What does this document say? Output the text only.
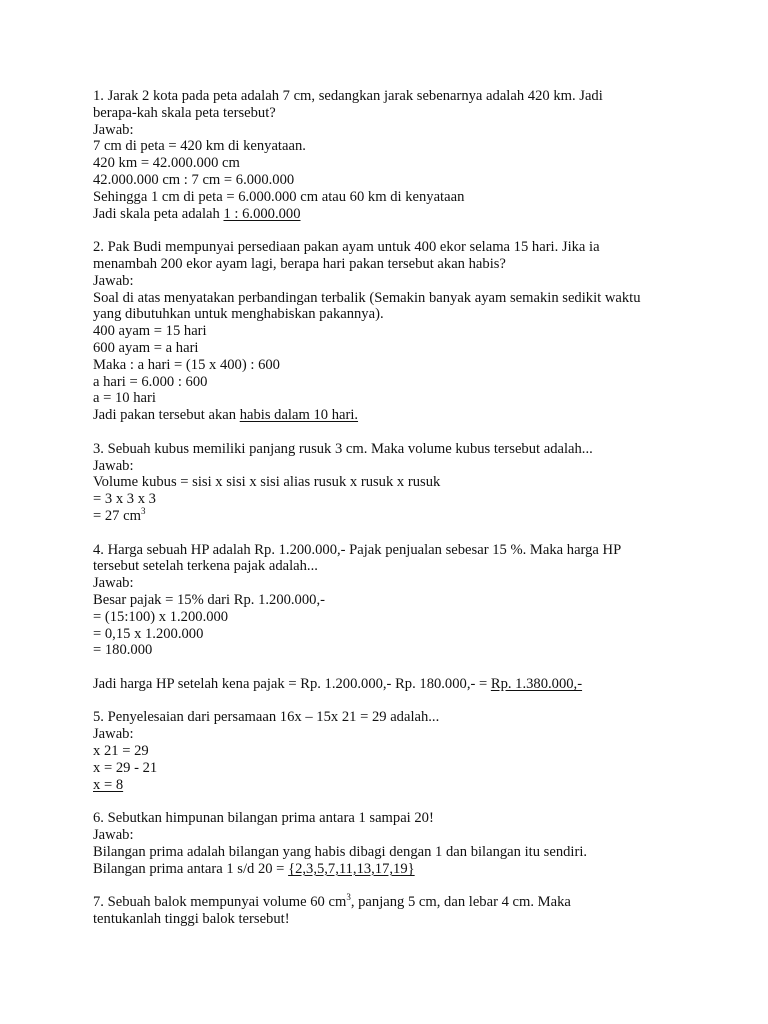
1. Jarak 2 kota pada peta adalah 7 cm, sedangkan jarak sebenarnya adalah 420 km. Jadi
berapa-kah skala peta tersebut?
Jawab:
7 cm di peta = 420 km di kenyataan.
420 km = 42.000.000 cm
42.000.000 cm : 7 cm = 6.000.000
Sehingga 1 cm di peta = 6.000.000 cm atau 60 km di kenyataan
Jadi skala peta adalah 1 : 6.000.000
2. Pak Budi mempunyai persediaan pakan ayam untuk 400 ekor selama 15 hari. Jika ia
menambah 200 ekor ayam lagi, berapa hari pakan tersebut akan habis?
Jawab:
Soal di atas menyatakan perbandingan terbalik (Semakin banyak ayam semakin sedikit waktu
yang dibutuhkan untuk menghabiskan pakannya).
400 ayam = 15 hari
600 ayam = a hari
Maka : a hari = (15 x 400) : 600
a hari = 6.000 : 600
a = 10 hari
Jadi pakan tersebut akan habis dalam 10 hari.
3. Sebuah kubus memiliki panjang rusuk 3 cm. Maka volume kubus tersebut adalah...
Jawab:
Volume kubus = sisi x sisi x sisi alias rusuk x rusuk x rusuk
= 3 x 3 x 3
= 27 $cm^3$
4. Harga sebuah HP adalah Rp. 1.200.000,- Pajak penjualan sebesar 15 %. Maka harga HP
tersebut setelah terkena pajak adalah...
Jawab:
Besar pajak = 15% dari Rp. 1.200.000,-
= (15:100) x 1.200.000
= 0,15 x 1.200.000
= 180.000
Jadi harga HP setelah kena pajak = Rp. 1.200.000,- Rp. 180.000,- = Rp. 1.380.000,-
5. Penyelesaian dari persamaan 16x – 15x 21 = 29 adalah...
Jawab:
x 21 = 29
x = 29 - 21
x = 8
6. Sebutkan himpunan bilangan prima antara 1 sampai 20!
Jawab:
Bilangan prima adalah bilangan yang habis dibagi dengan 1 dan bilangan itu sendiri.
Bilangan prima antara 1 s/d 20 = {2,3,5,7,11,13,17,19}
7. Sebuah balok mempunyai volume 60 $cm^3$, panjang 5 cm, dan lebar 4 cm. Maka
tentukanlah tinggi balok tersebut!
